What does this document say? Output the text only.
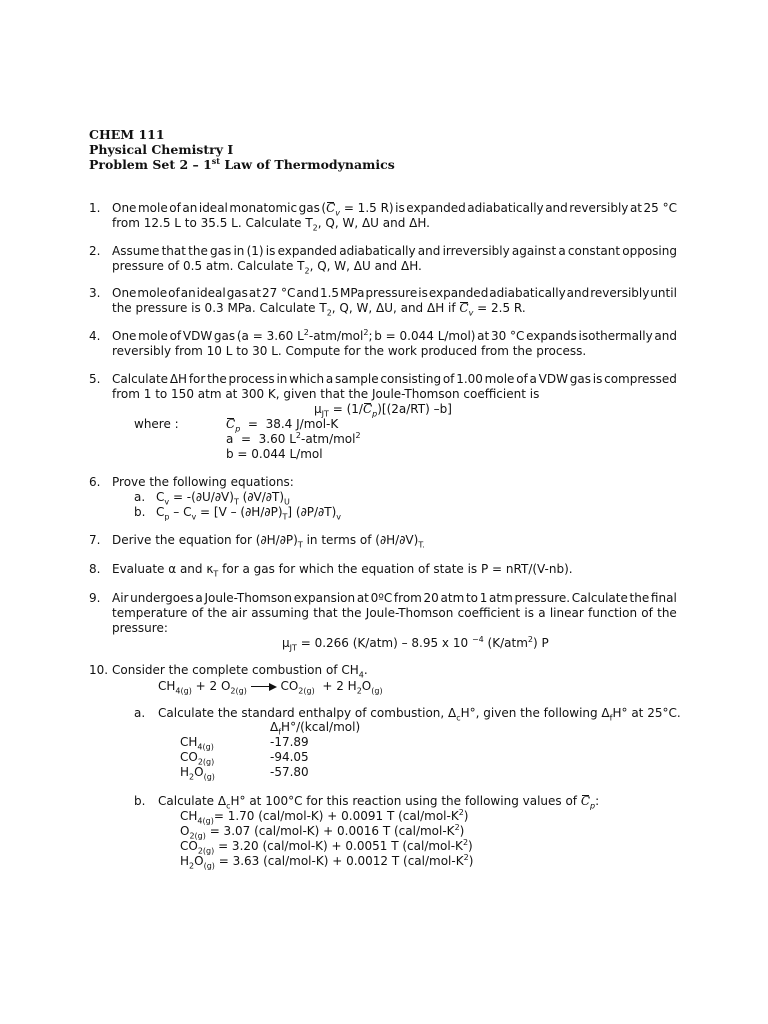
CHEM 111
Physical Chemistry I
Problem Set 2 – 1st Law of Thermodynamics
1. One mole of an ideal monatomic gas ($C_v = 1.5$ R) is expanded adiabatically and reversibly at 25 °C
from 12.5 L to 35.5 L. Calculate $T_2$, Q, W, ΔU and ΔH.
2. Assume that the gas in (1) is expanded adiabatically and irreversibly against a constant opposing
pressure of 0.5 atm. Calculate $T_2$, Q, W, ΔU and ΔH.
3. One mole of an ideal gas at 27 °C and 1.5 MPa pressure is expanded adiabatically and reversibly until
the pressure is 0.3 MPa. Calculate $T_2$, Q, W, ΔU, and ΔH if $C_v = 2.5$ R.
4. One mole of VDW gas (a = 3.60 $L^2-atm/mol^2$; b = 0.044 L/mol) at 30 °C expands isothermally and
reversibly from 10 L to 30 L. Compute for the work produced from the process.
5. Calculate ΔH for the process in which a sample consisting of 1.00 mole of a VDW gas is compressed
from 1 to 150 atm at 300 K, given that the Joule-Thomson coefficient is
$\mu_{JT} = (1/C_p)[(2a/RT)$ –b]
where :	$C_p = 38.4$ J/mol-K
a  =  3.60 $L^2-atm/mol^2$
b = 0.044 L/mol
6. Prove the following equations:
a. $C_v = -(\partial U/\partial V)_T$ $(\partial V/\partial T)_U$
b. $C_p - C_v = [V - (\partial H/\partial P)_T]$ $(\partial P/\partial T)_v$
7. Derive the equation for $(\partial H/\partial P)_T$ in terms of $(\partial H/\partial V)_{T.}$
8. Evaluate α and $\kappa_T$ for a gas for which the equation of state is P = nRT/(V-nb).
9. Air undergoes a Joule-Thomson expansion at 0ºC from 20 atm to 1 atm pressure. Calculate the final
temperature of the air assuming that the Joule-Thomson coefficient is a linear function of the
pressure:
$\mu_{JT} = 0.266$ (K/atm) – 8.95 x 10 $^{-4}$ (K/atm$^2$) P
10. Consider the complete combustion of $CH_4$.
$CH_{4(g)} + 2$ $O_{2(g)}$  $CO_{2(g)} + 2$ $H_2O_{(g)}$
a. Calculate the standard enthalpy of combustion, $\Delta_cH^\circ$, given the following $\Delta_fH^\circ$ at 25°C.
$\Delta_fH^\circ/(kcal/mol)$
$CH_{4(g)}$	-17.89
$CO_{2(g)}$	-94.05
$H_2O_{(g)}$	-57.80
b. Calculate $\Delta_cH^\circ$ at 100°C for this reaction using the following values of $C_p$:
$CH_{4(g)}= 1.70$ (cal/mol-K) + 0.0091 T $(cal/mol-K^2)$
$O_{2(g)} = 3.07$ (cal/mol-K) + 0.0016 T $(cal/mol-K^2)$
$CO_{2(g)} = 3.20$ (cal/mol-K) + 0.0051 T $(cal/mol-K^2)$
$H_2O_{(g)} = 3.63$ (cal/mol-K) + 0.0012 T $(cal/mol-K^2)$
